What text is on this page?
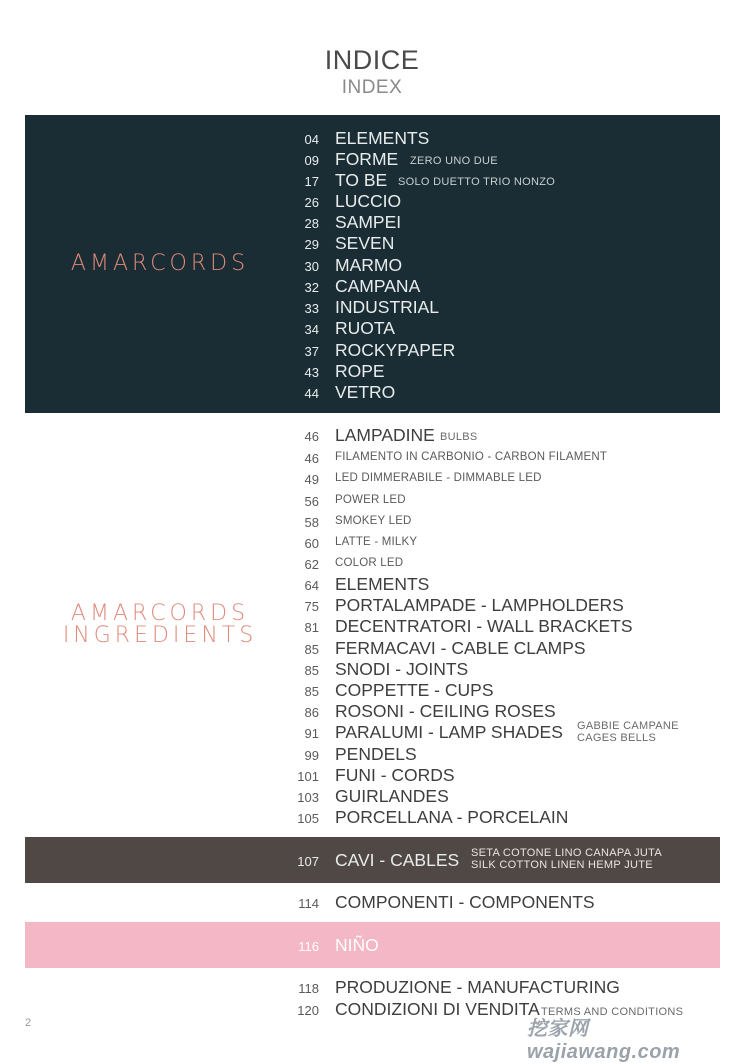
INDICE
INDEX
AMARCORDS
AMARCORDS
INGREDIENTS
04 ELEMENTS
09 FORME ZERO UNO DUE
17 TO BE SOLO DUETTO TRIO NONZO
26 LUCCIO
28 SAMPEI
29 SEVEN
30 MARMO
32 CAMPANA
33 INDUSTRIAL
34 RUOTA
37 ROCKYPAPER
43 ROPE
44 VETRO
46 LAMPADINE BULBS
46 FILAMENTO IN CARBONIO - CARBON FILAMENT
49 LED DIMMERABILE - DIMMABLE LED
56 POWER LED
58 SMOKEY LED
60 LATTE - MILKY
62 COLOR LED
64 ELEMENTS
75 PORTALAMPADE - LAMPHOLDERS
81 DECENTRATORI - WALL BRACKETS
85 FERMACAVI - CABLE CLAMPS
85 SNODI - JOINTS
85 COPPETTE - CUPS
86 ROSONI - CEILING ROSES
91 PARALUMI - LAMP SHADES GABBIE CAMPANE
CAGES BELLS
99 PENDELS
101 FUNI - CORDS
103 GUIRLANDES
105 PORCELLANA - PORCELAIN
107 CAVI - CABLES SETA COTONE LINO CANAPA JUTA
SILK COTTON LINEN HEMP JUTE
114 COMPONENTI - COMPONENTS
116 NIÑO
118 PRODUZIONE - MANUFACTURING
120 CONDIZIONI DI VENDITA TERMS AND CONDITIONS
2	挖家网 wajiawang.com
